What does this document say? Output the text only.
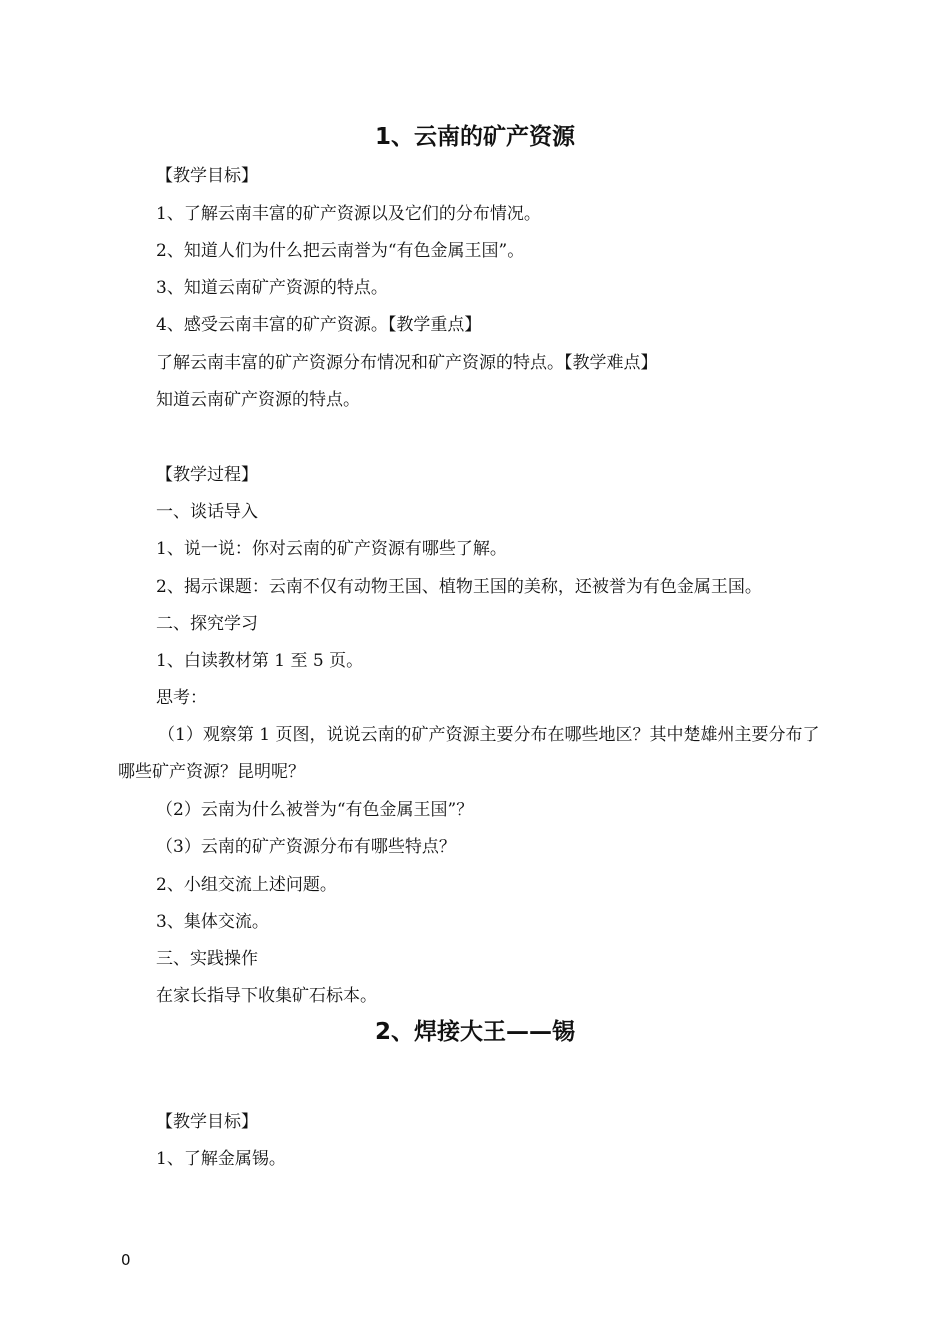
1、云南的矿产资源
【教学目标】
1、了解云南丰富的矿产资源以及它们的分布情况。
2、知道人们为什么把云南誉为“有色金属王国”。
3、知道云南矿产资源的特点。
4、感受云南丰富的矿产资源。【教学重点】
了解云南丰富的矿产资源分布情况和矿产资源的特点。【教学难点】
知道云南矿产资源的特点。
【教学过程】
一、谈话导入
1、说一说：你对云南的矿产资源有哪些了解。
2、揭示课题：云南不仅有动物王国、植物王国的美称，还被誉为有色金属王国。
二、探究学习
1、白读教材第 1 至 5 页。
思考：
（1）观察第 1 页图，说说云南的矿产资源主要分布在哪些地区？其中楚雄州主要分布了哪些矿产资源？昆明呢？
（2）云南为什么被誉为“有色金属王国”？
（3）云南的矿产资源分布有哪些特点？
2、小组交流上述问题。
3、集体交流。
三、实践操作
在家长指导下收集矿石标本。
2、焊接大王——锡
【教学目标】
1、了解金属锡。
0
